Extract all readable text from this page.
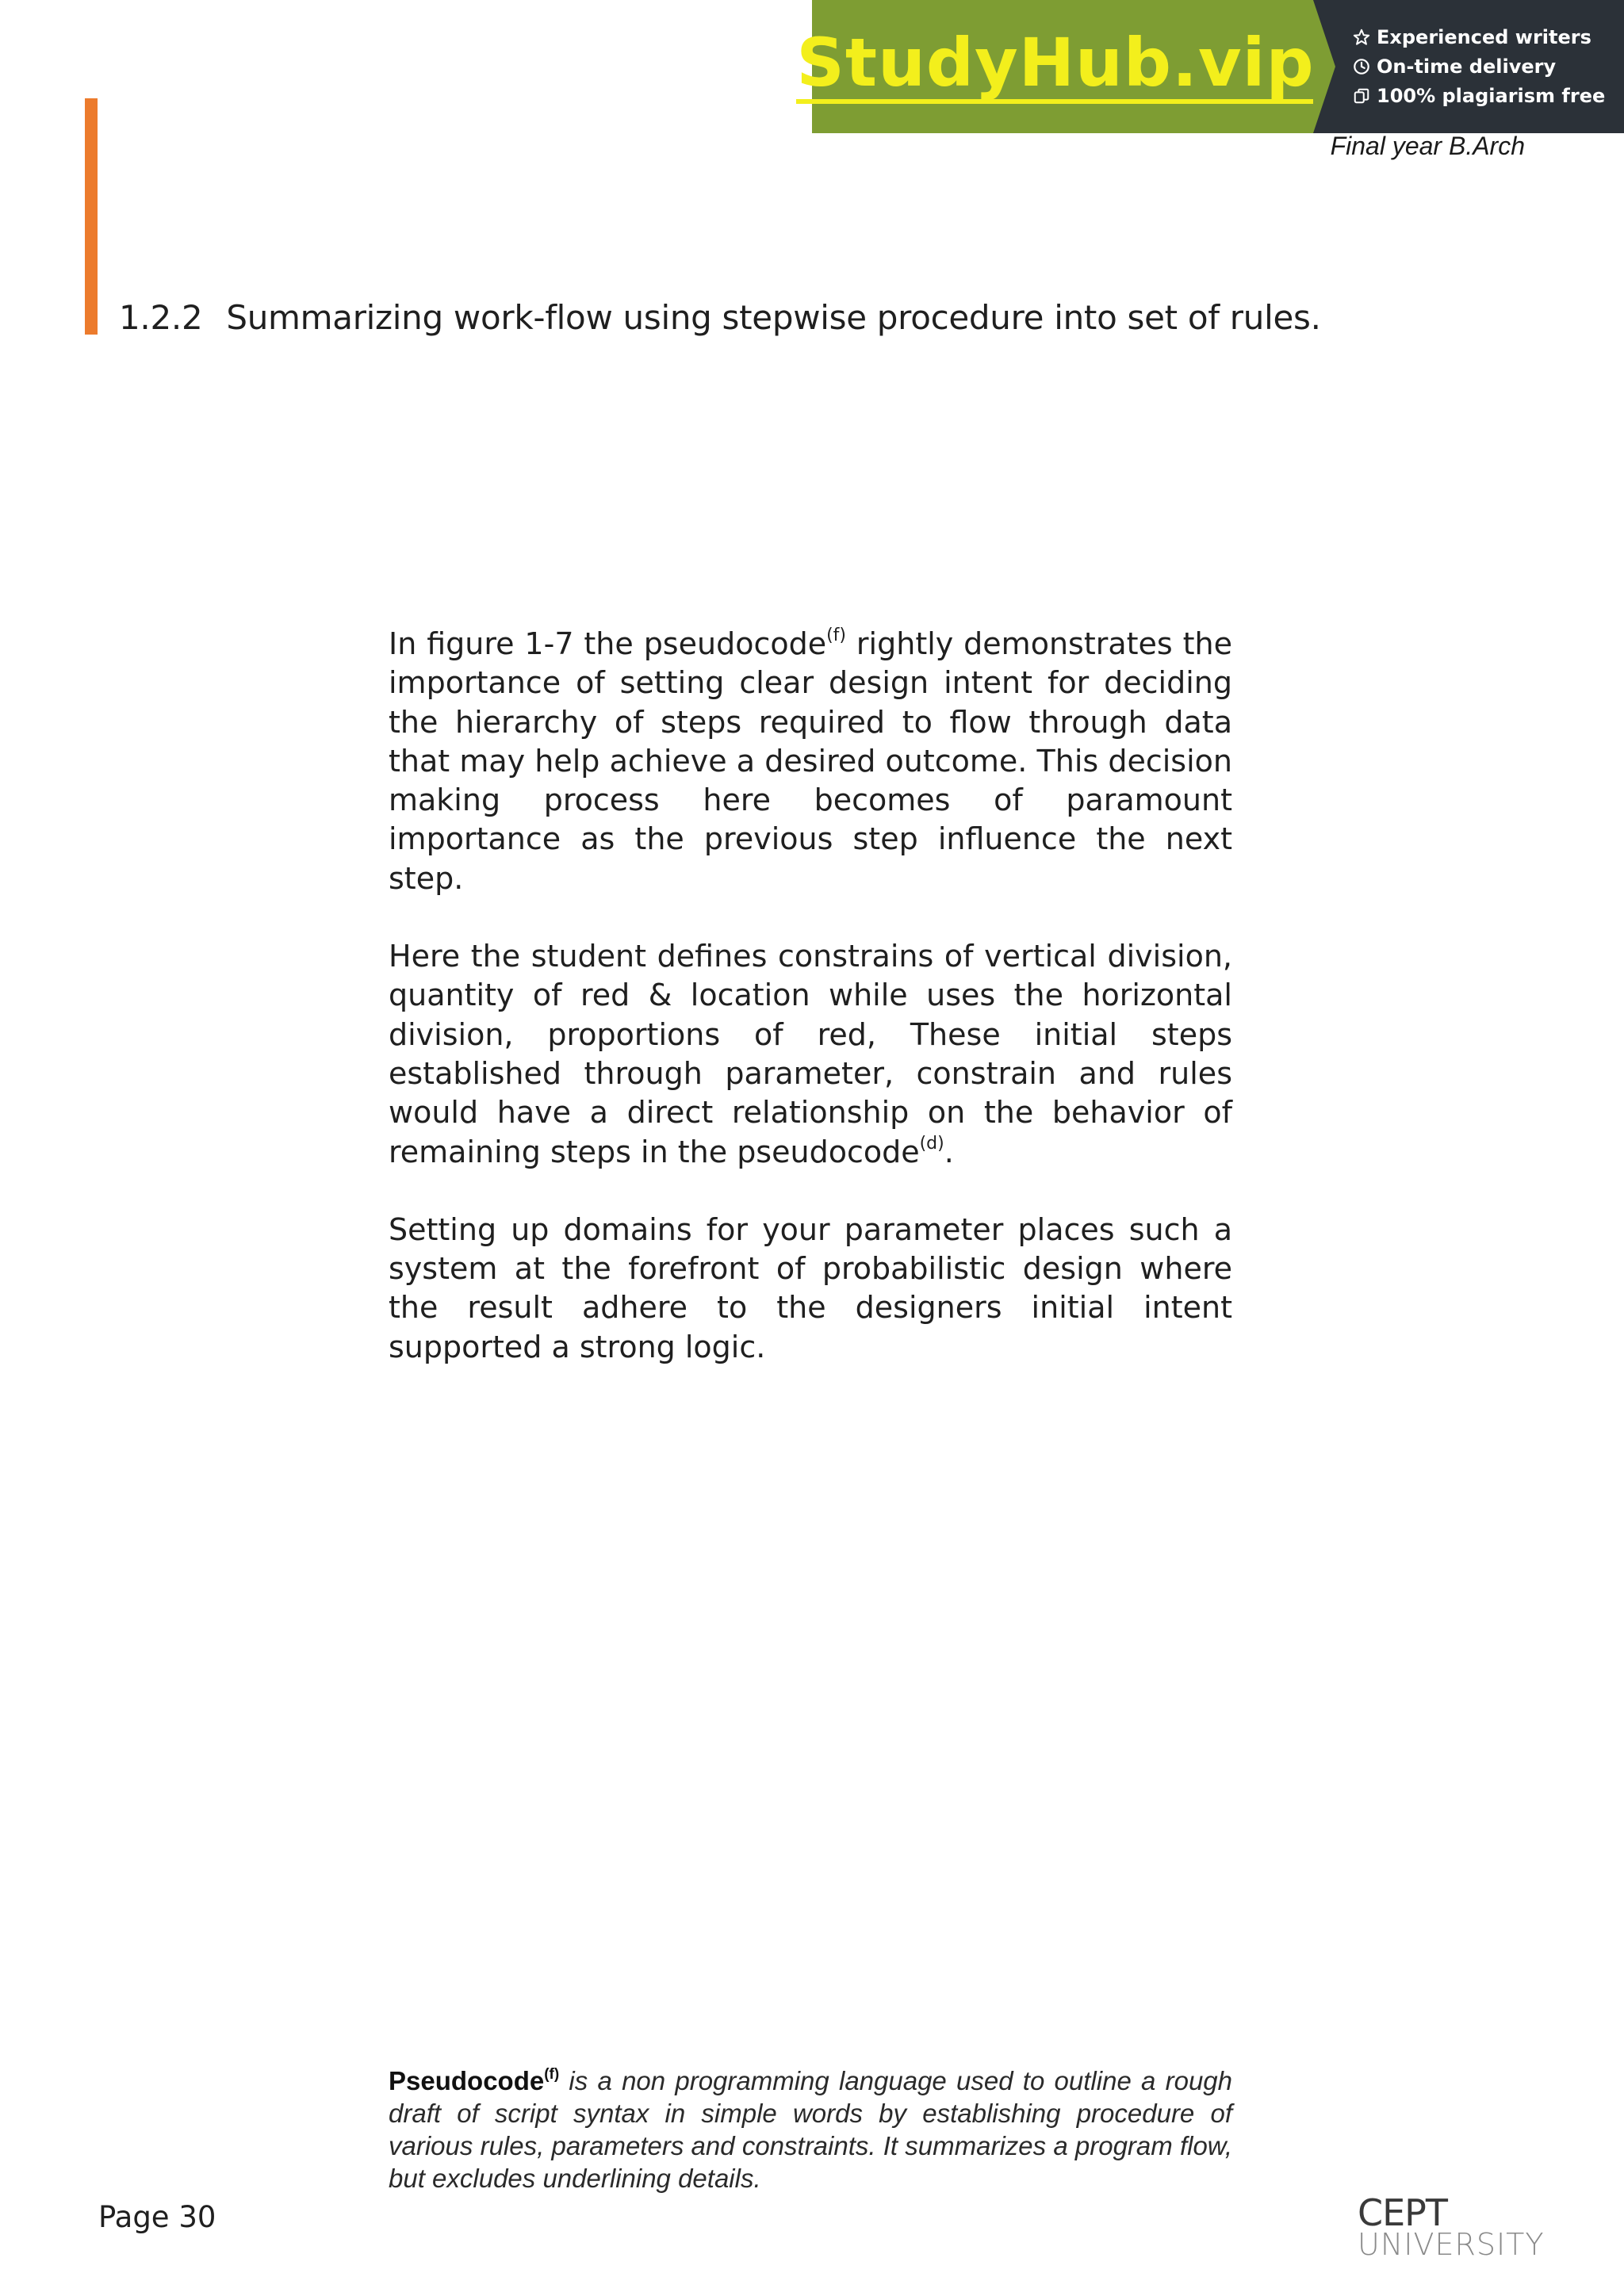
StudyHub.vip	Experienced writers
On-time delivery
100% plagiarism free
Final year B.Arch
1.2.2 Summarizing work-flow using stepwise procedure into set of rules.

In figure 1-7 the pseudocode$^{(f)}$ rightly demonstrates the importance of setting clear design intent for deciding the hierarchy of steps required to flow through data that may help achieve a desired outcome. This decision making process here becomes of paramount importance as the previous step influence the next step.

Here the student defines constrains of vertical division, quantity of red & location while uses the horizontal division, proportions of red, These initial steps established through parameter, constrain and rules would have a direct relationship on the behavior of remaining steps in the pseudocode$^{(d)}$.

Setting up domains for your parameter places such a system at the forefront of probabilistic design where the result adhere to the designers initial intent supported a strong logic.

Pseudocode$^{(f)}$ is a non programming language used to outline a rough draft of script syntax in simple words by establishing procedure of various rules, parameters and constraints. It summarizes a program flow, but excludes underlining details.
Page 30	CEPT
UNIVERSITY
